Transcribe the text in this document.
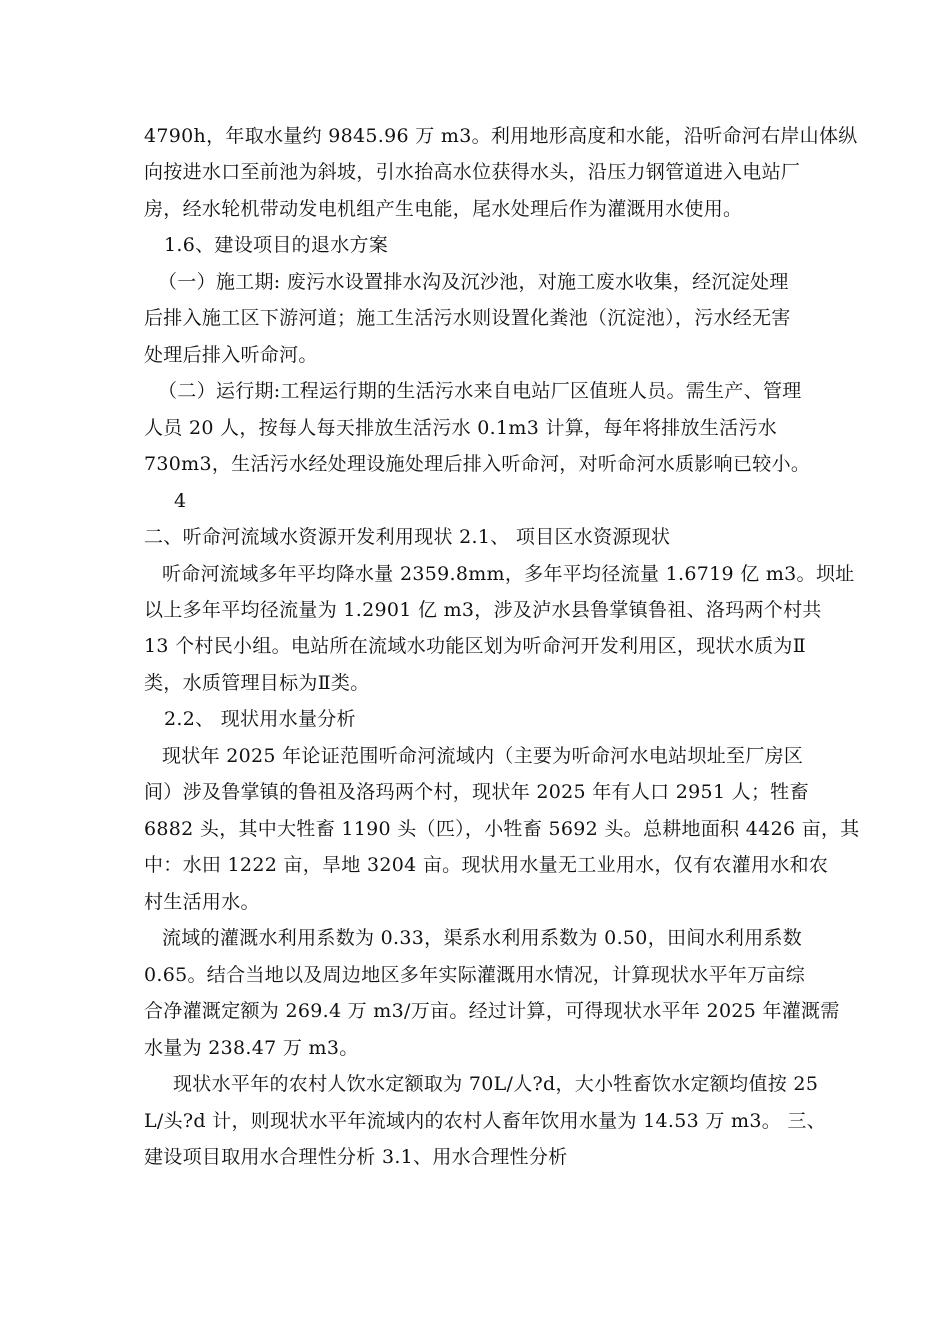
4790h，年取水量约 9845.96 万 m3。利用地形高度和水能，沿听命河右岸山体纵
向按进水口至前池为斜坡，引水抬高水位获得水头，沿压力钢管道进入电站厂
房，经水轮机带动发电机组产生电能，尾水处理后作为灌溉用水使用。
1.6、建设项目的退水方案
（一）施工期: 废污水设置排水沟及沉沙池，对施工废水收集，经沉淀处理
后排入施工区下游河道；施工生活污水则设置化粪池（沉淀池），污水经无害
处理后排入听命河。
（二）运行期:工程运行期的生活污水来自电站厂区值班人员。需生产、管理
人员 20 人，按每人每天排放生活污水 0.1m3 计算，每年将排放生活污水
730m3，生活污水经处理设施处理后排入听命河，对听命河水质影响已较小。
4
二、听命河流域水资源开发利用现状 2.1、 项目区水资源现状
听命河流域多年平均降水量 2359.8mm，多年平均径流量 1.6719 亿 m3。坝址
以上多年平均径流量为 1.2901 亿 m3，涉及泸水县鲁掌镇鲁祖、洛玛两个村共
13 个村民小组。电站所在流域水功能区划为听命河开发利用区，现状水质为Ⅱ
类，水质管理目标为Ⅱ类。
2.2、 现状用水量分析
现状年 2025 年论证范围听命河流域内（主要为听命河水电站坝址至厂房区
间）涉及鲁掌镇的鲁祖及洛玛两个村，现状年 2025 年有人口 2951 人；牲畜
6882 头，其中大牲畜 1190 头（匹），小牲畜 5692 头。总耕地面积 4426 亩，其
中：水田 1222 亩，旱地 3204 亩。现状用水量无工业用水，仅有农灌用水和农
村生活用水。
流域的灌溉水利用系数为 0.33，渠系水利用系数为 0.50，田间水利用系数
0.65。结合当地以及周边地区多年实际灌溉用水情况，计算现状水平年万亩综
合净灌溉定额为 269.4 万 m3/万亩。经过计算，可得现状水平年 2025 年灌溉需
水量为 238.47 万 m3。
现状水平年的农村人饮水定额取为 70L/人?d，大小牲畜饮水定额均值按 25
L/头?d 计，则现状水平年流域内的农村人畜年饮用水量为 14.53 万 m3。 三、
建设项目取用水合理性分析 3.1、用水合理性分析
